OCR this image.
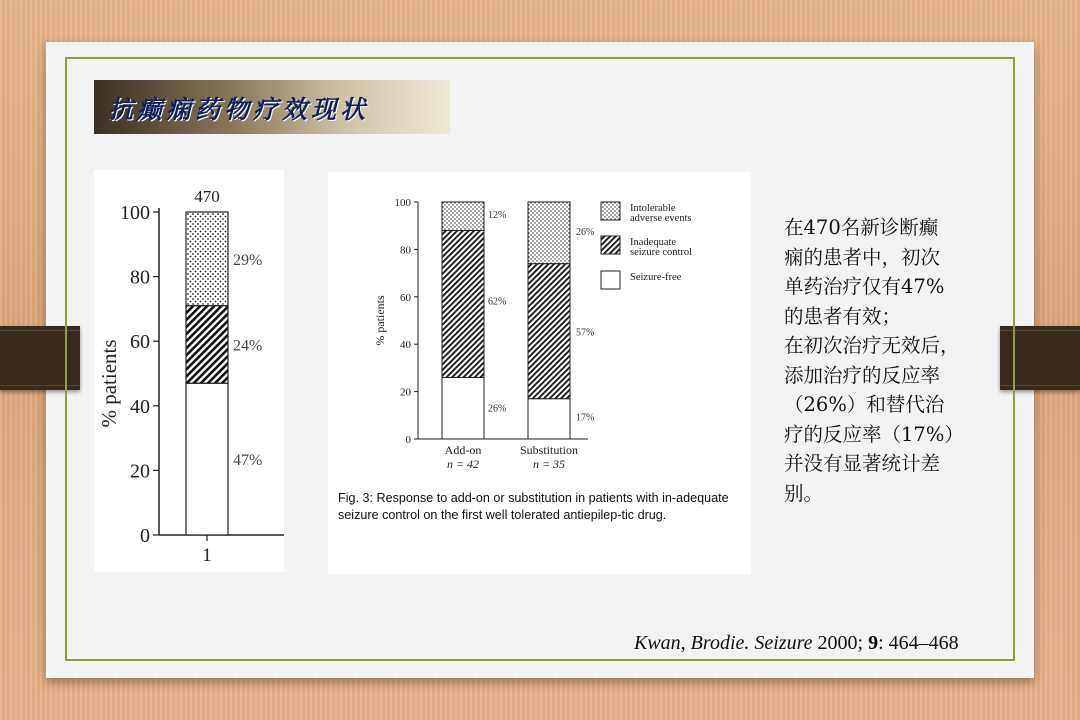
抗癫痫药物疗效现状
0
20
40
60
80
100
% patients
47%
24%
29%
470
1
0
20
40
60
80
100
% patients
Add-on
n = 42
Substitution
n = 35
26%
62%
12%
17%
57%
26%
Intolerable
adverse events
Inadequate
seizure control
Seizure-free
Fig. 3: Response to add-on or substitution in patients with in-adequate seizure control on the first well tolerated antiepilep-tic drug.
在470名新诊断癫
痫的患者中，初次
单药治疗仅有47%
的患者有效；
在初次治疗无效后，
添加治疗的反应率
（26%）和替代治
疗的反应率（17%）
并没有显著统计差
别。
Kwan, Brodie. Seizure 2000; 9: 464–468
